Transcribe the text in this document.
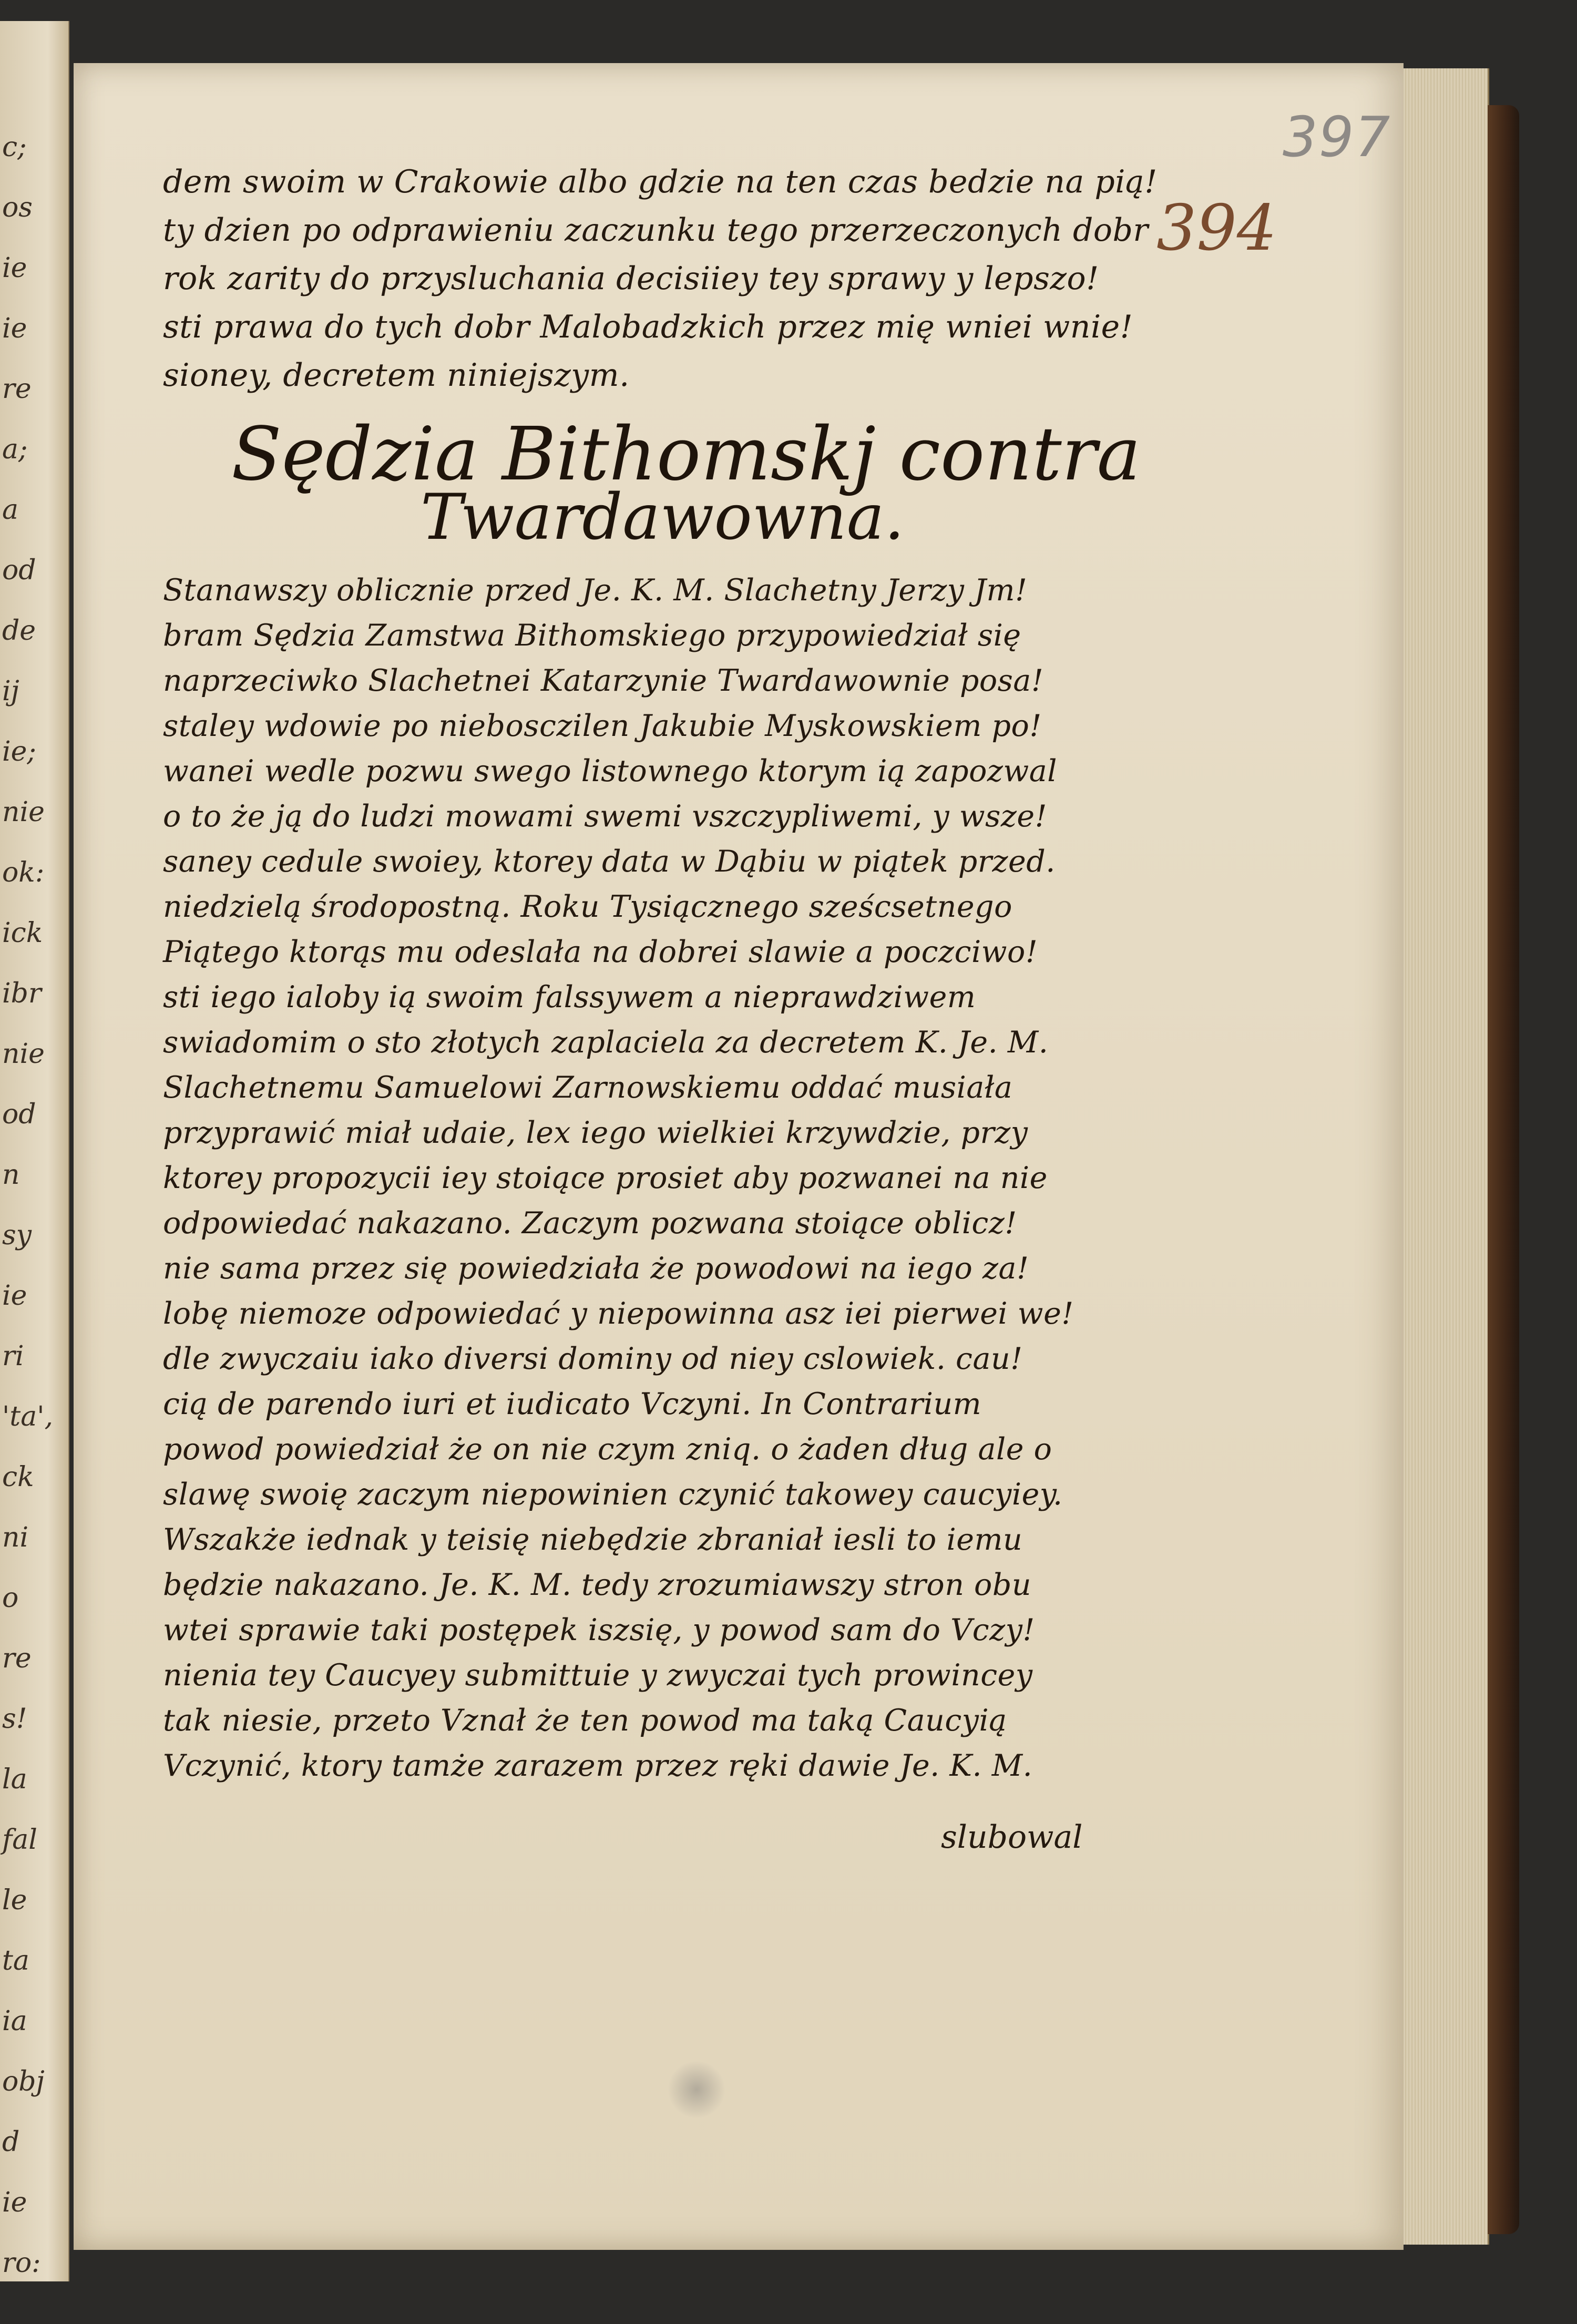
c;
os
ie
ie
re
a;
a
od
de
ij
ie;
nie
ok:
ick
ibr
nie
od
n
sy
ie
ri
'ta',
ck
ni
o
re
s!
la
fal
le
ta
ia
obj
d
ie
ro:
397
394
dem swoim w Crakowie albo gdzie na ten czas bedzie na pią!
ty dzien po odprawieniu zaczunku tego przerzeczonych dobr
rok zarity do przysluchania decisiiey tey sprawy y lepszo!
sti prawa do tych dobr Malobadzkich przez mię wniei wnie!
sioney, decretem niniejszym.
Sędzia Bithomskj contra
Twardawowna.
Stanawszy oblicznie przed Je. K. M. Slachetny Jerzy Jm!
bram Sędzia Zamstwa Bithomskiego przypowiedział się
naprzeciwko Slachetnei Katarzynie Twardawownie posa!
staley wdowie po niebosczilen Jakubie Myskowskiem po!
wanei wedle pozwu swego listownego ktorym ią zapozwal
o to że ją do ludzi mowami swemi vszczypliwemi, y wsze!
saney cedule swoiey, ktorey data w Dąbiu w piątek przed.
niedzielą środopostną. Roku Tysiącznego sześcsetnego
Piątego ktorąs mu odeslała na dobrei slawie a poczciwo!
sti iego ialoby ią swoim falssywem a nieprawdziwem
swiadomim o sto złotych zaplaciela za decretem K. Je. M.
Slachetnemu Samuelowi Zarnowskiemu oddać musiała
przyprawić miał udaie, lex iego wielkiei krzywdzie, przy
ktorey propozycii iey stoiące prosiet aby pozwanei na nie
odpowiedać nakazano. Zaczym pozwana stoiące oblicz!
nie sama przez się powiedziała że powodowi na iego za!
lobę niemoze odpowiedać y niepowinna asz iei pierwei we!
dle zwyczaiu iako diversi dominy od niey cslowiek. cau!
cią de parendo iuri et iudicato Vczyni. In Contrarium
powod powiedział że on nie czym zniq. o żaden dług ale o
slawę swoię zaczym niepowinien czynić takowey caucyiey.
Wszakże iednak y teisię niebędzie zbraniał iesli to iemu
będzie nakazano. Je. K. M. tedy zrozumiawszy stron obu
wtei sprawie taki postępek iszsię, y powod sam do Vczy!
nienia tey Caucyey submittuie y zwyczai tych prowincey
tak niesie, przeto Vznał że ten powod ma taką Caucyią
Vczynić, ktory tamże zarazem przez ręki dawie Je. K. M.
slubowal
